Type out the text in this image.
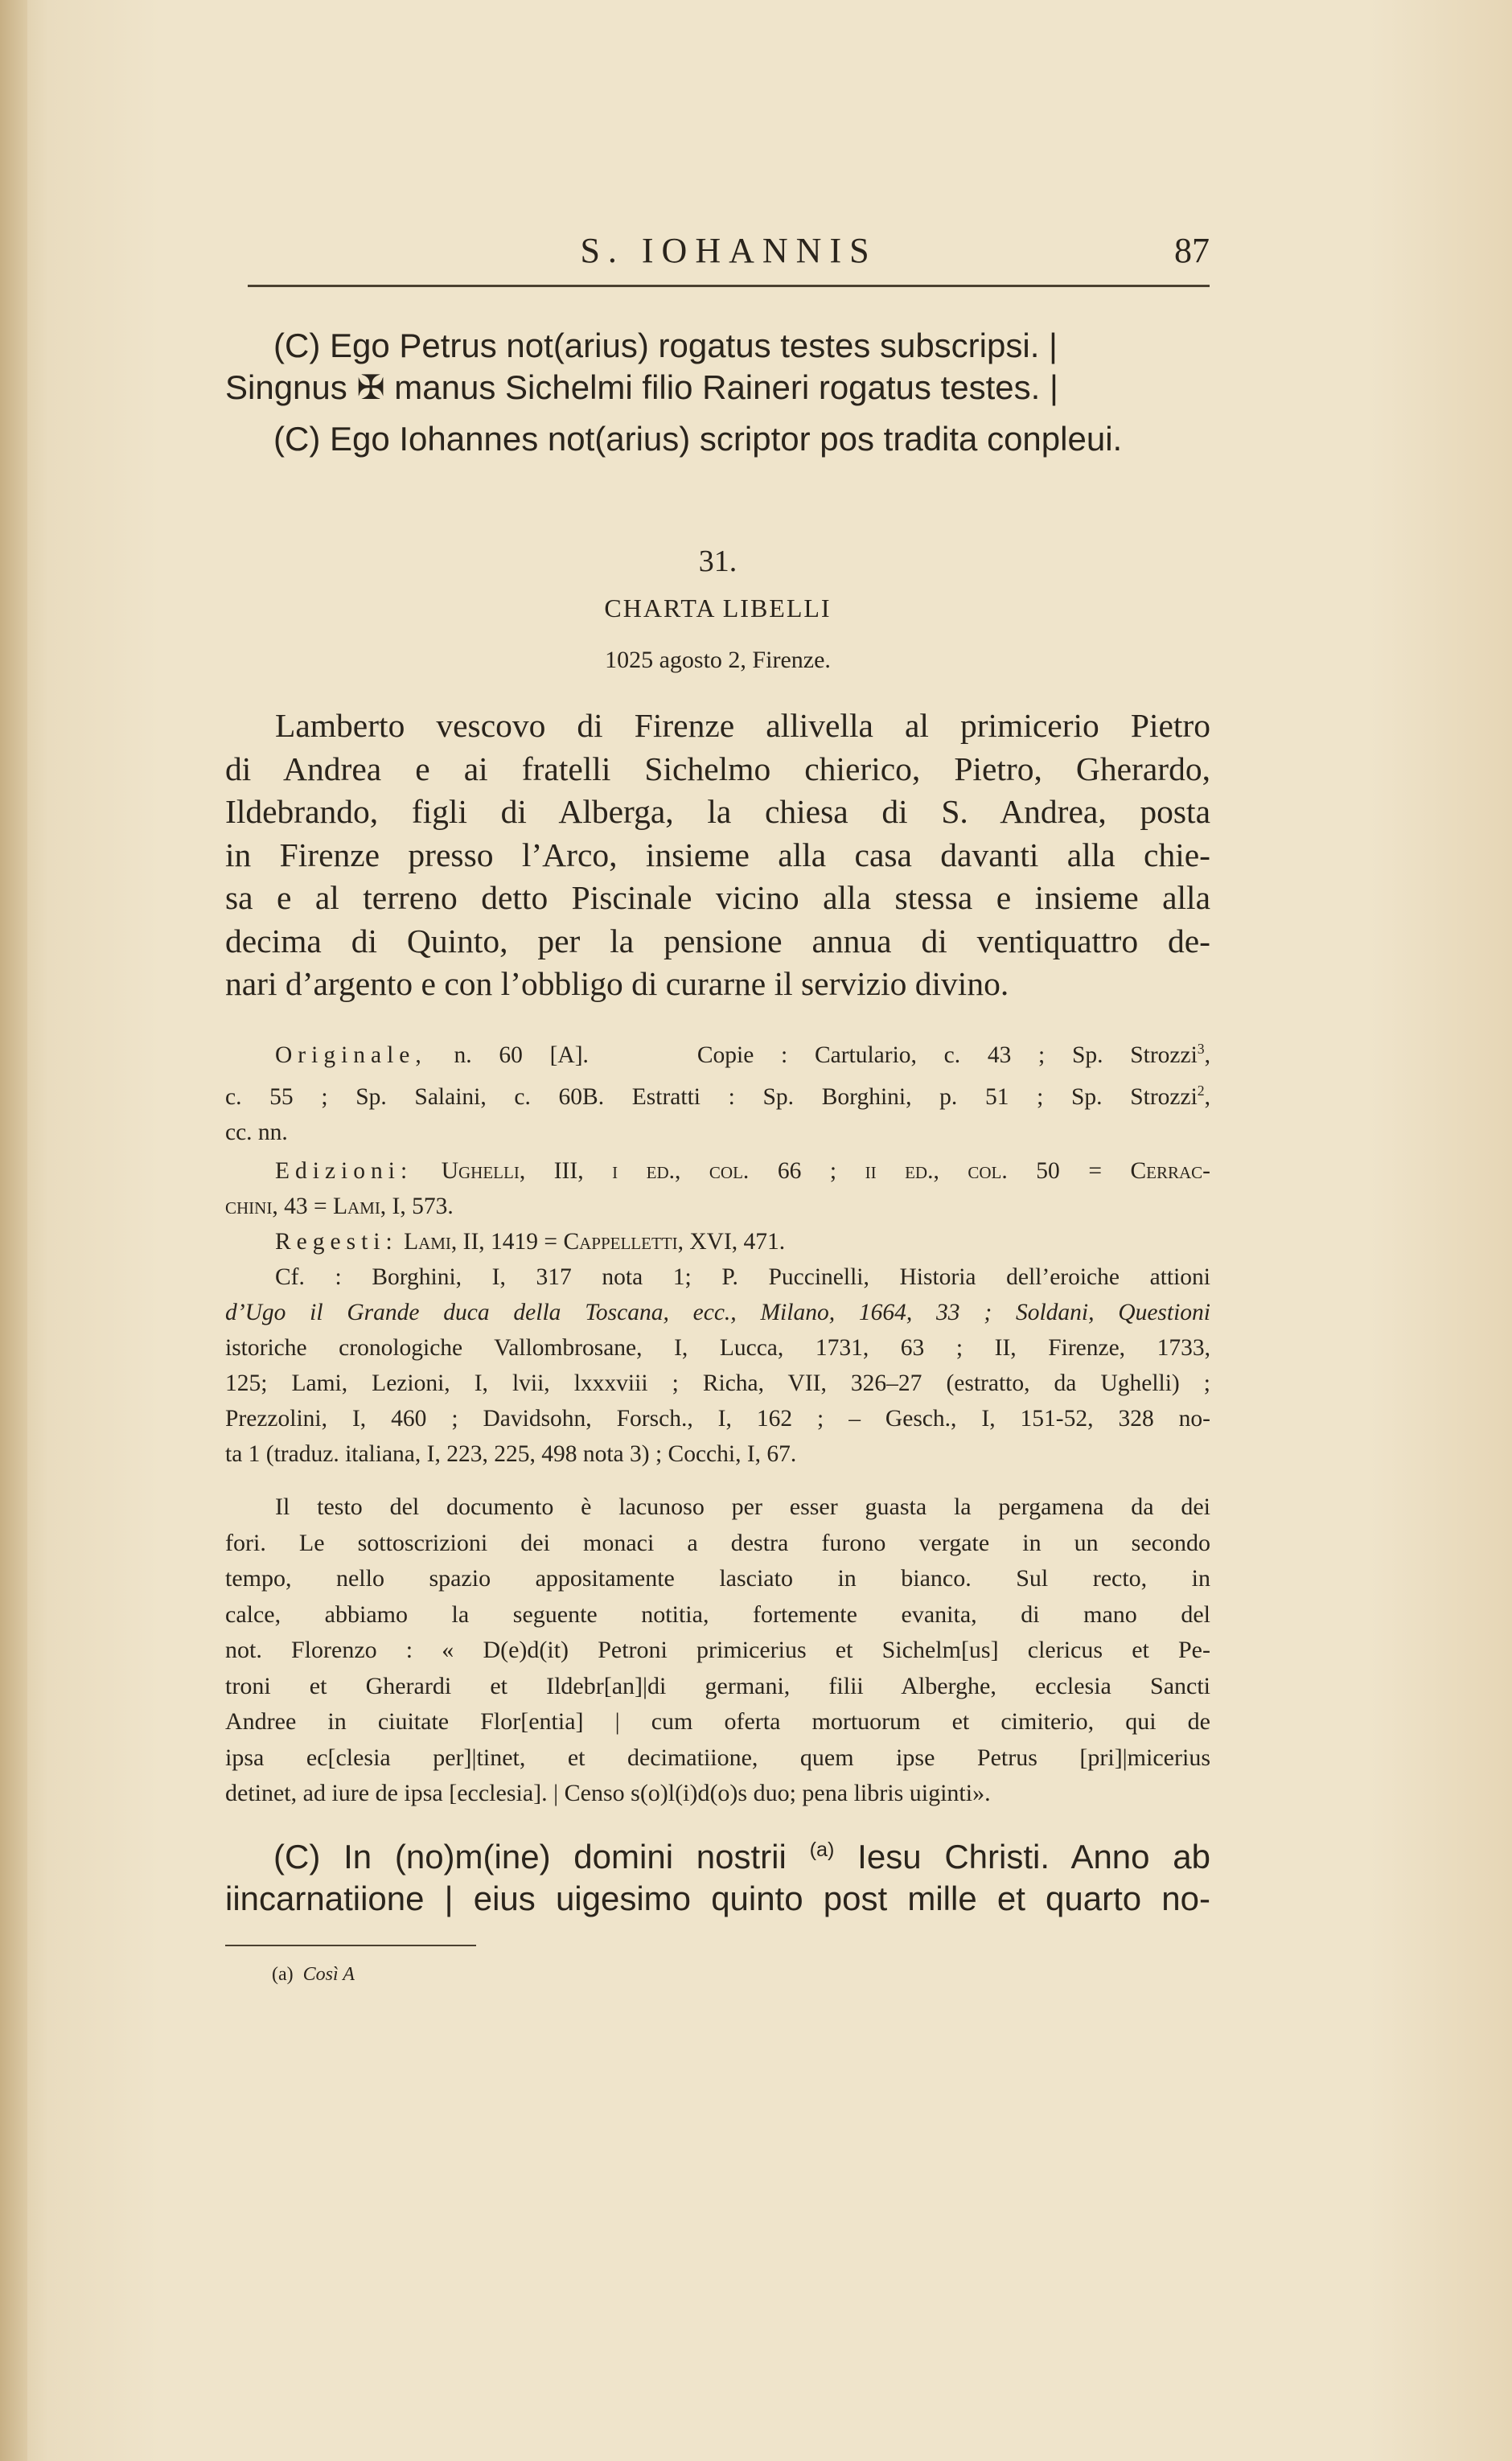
S. IOHANNIS	87
(C) Ego Petrus not(arius) rogatus testes subscripsi. |
Singnus ✠ manus Sichelmi filio Raineri rogatus testes. |
(C) Ego Iohannes not(arius) scriptor pos tradita conpleui.
31.
CHARTA LIBELLI
1025 agosto 2, Firenze.
Lamberto vescovo di Firenze allivella al primicerio Pietro
di Andrea e ai fratelli Sichelmo chierico, Pietro, Gherardo,
Ildebrando, figli di Alberga, la chiesa di S. Andrea, posta
in Firenze presso l’Arco, insieme alla casa davanti alla chie-
sa e al terreno detto Piscinale vicino alla stessa e insieme alla
decima di Quinto, per la pensione annua di ventiquattro de-
nari d’argento e con l’obbligo di curarne il servizio divino.
Originale, n. 60 [A].	Copie : Cartulario, c. 43 ; Sp. Strozzi$^3$,
c. 55 ; Sp. Salaini, c. 60B. Estratti : Sp. Borghini, p. 51 ; Sp. Strozzi$^2$,
cc. nn.
Edizioni: Ughelli, III, i ed., col. 66 ; ii ed., col. 50 = Cerrac-
chini, 43 = Lami, I, 573.
Regesti: Lami, II, 1419 = Cappelletti, XVI, 471.
Cf. : Borghini, I, 317 nota 1; P. Puccinelli, Historia dell’eroiche attioni
d’Ugo il Grande duca della Toscana, ecc., Milano, 1664, 33 ; Soldani, Questioni
istoriche cronologiche Vallombrosane, I, Lucca, 1731, 63 ; II, Firenze, 1733,
125; Lami, Lezioni, I, lvii, lxxxviii ; Richa, VII, 326–27 (estratto, da Ughelli) ;
Prezzolini, I, 460 ; Davidsohn, Forsch., I, 162 ; – Gesch., I, 151-52, 328 no-
ta 1 (traduz. italiana, I, 223, 225, 498 nota 3) ; Cocchi, I, 67.
Il testo del documento è lacunoso per esser guasta la pergamena da dei
fori. Le sottoscrizioni dei monaci a destra furono vergate in un secondo
tempo, nello spazio appositamente lasciato in bianco. Sul recto, in
calce, abbiamo la seguente notitia, fortemente evanita, di mano del
not. Florenzo : « D(e)d(it) Petroni primicerius et Sichelm[us] clericus et Pe-
troni et Gherardi et Ildebr[an]|di germani, filii Alberghe, ecclesia Sancti
Andree in ciuitate Flor[entia] | cum oferta mortuorum et cimiterio, qui de
ipsa ec[clesia per]|tinet, et decimatiione, quem ipse Petrus [pri]|micerius
detinet, ad iure de ipsa [ecclesia]. | Censo s(o)l(i)d(o)s duo; pena libris uiginti».
(C) In (no)m(ine) domini nostrii $^{(a)}$ Iesu Christi. Anno ab
iincarnatiione | eius uigesimo quinto post mille et quarto no-
(a) Così A
